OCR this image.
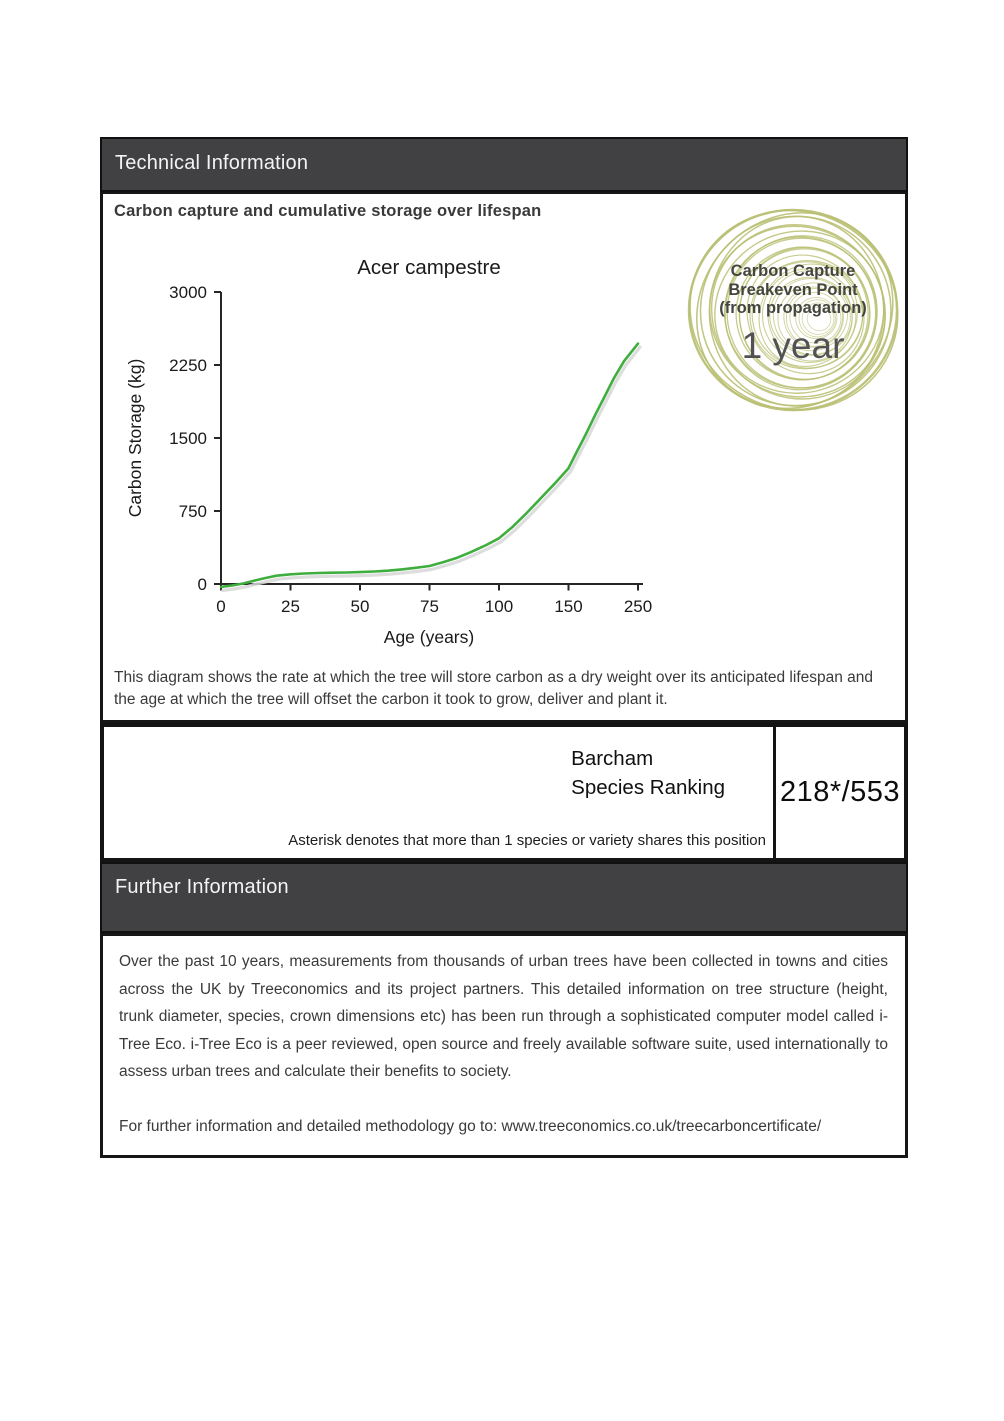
Technical Information
Carbon capture and cumulative storage over lifespan
Acer campestre
Age (years)
Carbon Storage (kg)
0	25	50	75	100 150 250
0
750
1500
2250
3000
Carbon Capture
Breakeven Point
(from propagation)
1 year
This diagram shows the rate at which the tree will store carbon as a dry weight over its anticipated lifespan and the age at which the tree will offset the carbon it took to grow, deliver and plant it.
Barcham
Species Ranking
Asterisk denotes that more than 1 species or variety shares this position
218*/553
Further Information

Over the past 10 years, measurements from thousands of urban trees have been collected in towns and cities across the UK by Treeconomics and its project partners. This detailed information on tree structure (height, trunk diameter, species, crown dimensions etc) has been run through a sophisticated computer model called i-Tree Eco. i-Tree Eco is a peer reviewed, open source and freely available software suite, used internationally to assess urban trees and calculate their benefits to society.

For further information and detailed methodology go to: www.treeconomics.co.uk/treecarboncertificate/
